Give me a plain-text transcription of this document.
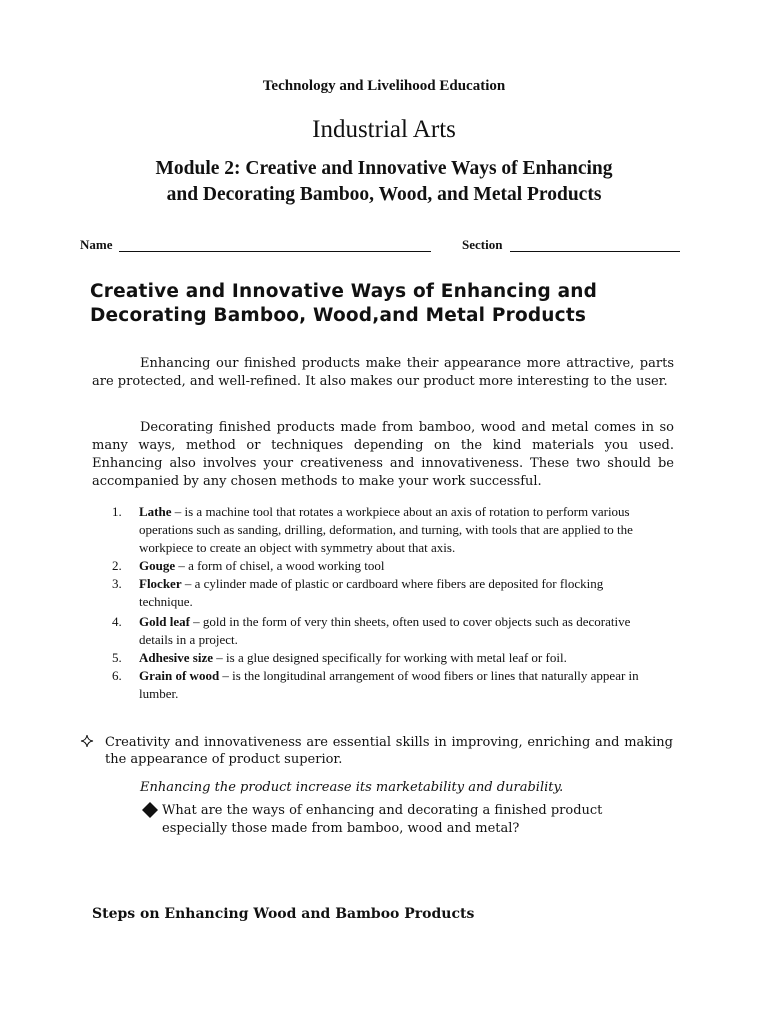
Technology and Livelihood Education
Industrial Arts
Module 2: Creative and Innovative Ways of Enhancing
and Decorating Bamboo, Wood, and Metal Products
Name	Section
Creative and Innovative Ways of Enhancing and
Decorating Bamboo, Wood,and Metal Products

Enhancing our finished products make their appearance more attractive, parts are protected, and well-refined. It also makes our product more interesting to the user.

Decorating finished products made from bamboo, wood and metal comes in so many ways, method or techniques depending on the kind materials you used. Enhancing also involves your creativeness and innovativeness. These two should be accompanied by any chosen methods to make your work successful.

1. Lathe – is a machine tool that rotates a workpiece about an axis of rotation to perform various operations such as sanding, drilling, deformation, and turning, with tools that are applied to the workpiece to create an object with symmetry about that axis.
2. Gouge – a form of chisel, a wood working tool
3. Flocker – a cylinder made of plastic or cardboard where fibers are deposited for flocking technique.
4. Gold leaf – gold in the form of very thin sheets, often used to cover objects such as decorative details in a project.
5. Adhesive size – is a glue designed specifically for working with metal leaf or foil.
6. Grain of wood – is the longitudinal arrangement of wood fibers or lines that naturally appear in lumber.
Creativity and innovativeness are essential skills in improving, enriching and making the appearance of product superior.
Enhancing the product increase its marketability and durability.
What are the ways of enhancing and decorating a finished product especially those made from bamboo, wood and metal?
Steps on Enhancing Wood and Bamboo Products
